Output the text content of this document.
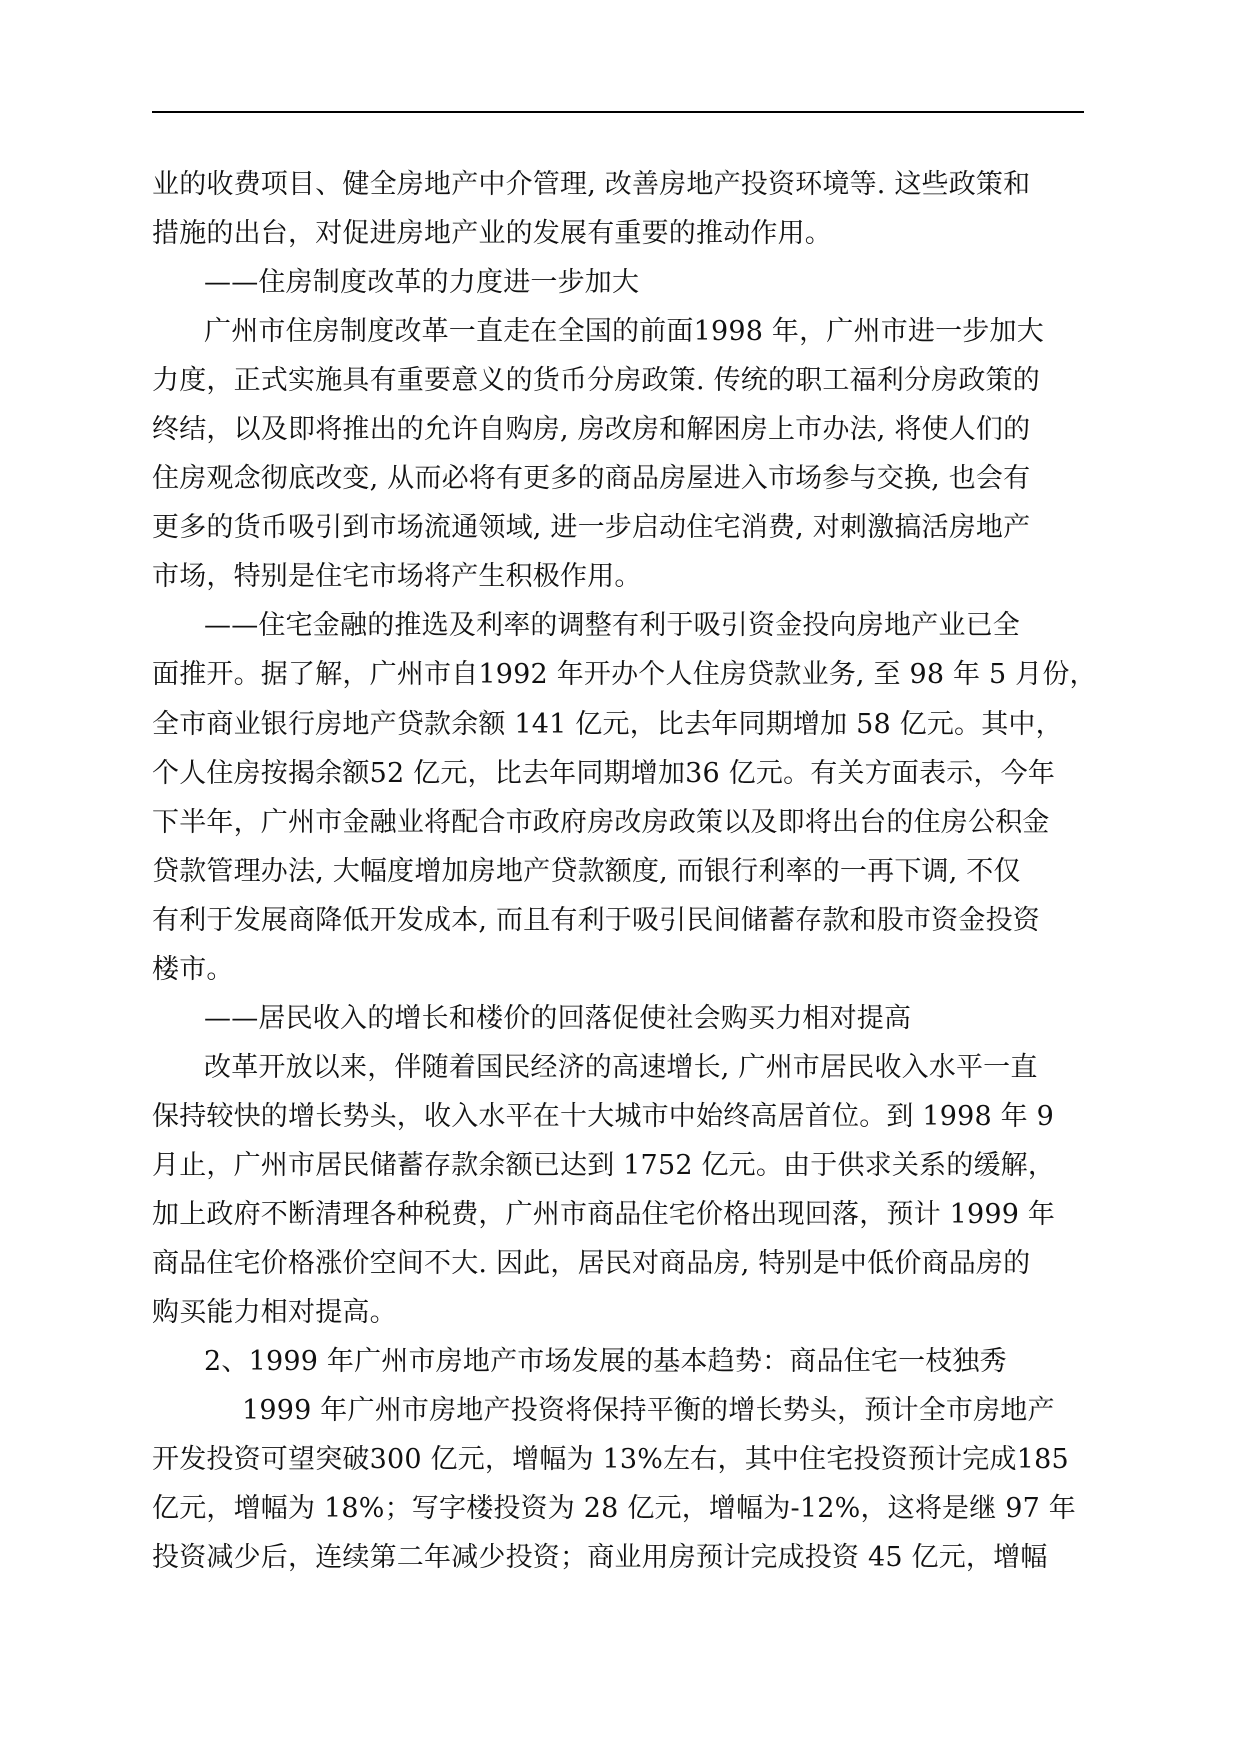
业的收费项目、健全房地产中介管理, 改善房地产投资环境等. 这些政策和
措施的出台，对促进房地产业的发展有重要的推动作用。
——住房制度改革的力度进一步加大
广州市住房制度改革一直走在全国的前面1998 年，广州市进一步加大
力度，正式实施具有重要意义的货币分房政策. 传统的职工福利分房政策的
终结，以及即将推出的允许自购房, 房改房和解困房上市办法, 将使人们的
住房观念彻底改变, 从而必将有更多的商品房屋进入市场参与交换, 也会有
更多的货币吸引到市场流通领域, 进一步启动住宅消费, 对刺激搞活房地产
市场，特别是住宅市场将产生积极作用。
——住宅金融的推选及利率的调整有利于吸引资金投向房地产业已全
面推开。据了解，广州市自1992 年开办个人住房贷款业务, 至 98 年 5 月份，
全市商业银行房地产贷款余额 141 亿元，比去年同期增加 58 亿元。其中，
个人住房按揭余额52 亿元，比去年同期增加36 亿元。有关方面表示，今年
下半年，广州市金融业将配合市政府房改房政策以及即将出台的住房公积金
贷款管理办法, 大幅度增加房地产贷款额度, 而银行利率的一再下调, 不仅
有利于发展商降低开发成本, 而且有利于吸引民间储蓄存款和股市资金投资
楼市。
——居民收入的增长和楼价的回落促使社会购买力相对提高
改革开放以来，伴随着国民经济的高速增长, 广州市居民收入水平一直
保持较快的增长势头，收入水平在十大城市中始终高居首位。到 1998 年 9
月止，广州市居民储蓄存款余额已达到 1752 亿元。由于供求关系的缓解，
加上政府不断清理各种税费，广州市商品住宅价格出现回落，预计 1999 年
商品住宅价格涨价空间不大. 因此，居民对商品房, 特别是中低价商品房的
购买能力相对提高。
2、1999 年广州市房地产市场发展的基本趋势：商品住宅一枝独秀
1999 年广州市房地产投资将保持平衡的增长势头，预计全市房地产
开发投资可望突破300 亿元，增幅为 13%左右，其中住宅投资预计完成185
亿元，增幅为 18%；写字楼投资为 28 亿元，增幅为-12%，这将是继 97 年
投资减少后，连续第二年减少投资；商业用房预计完成投资 45 亿元，增幅
